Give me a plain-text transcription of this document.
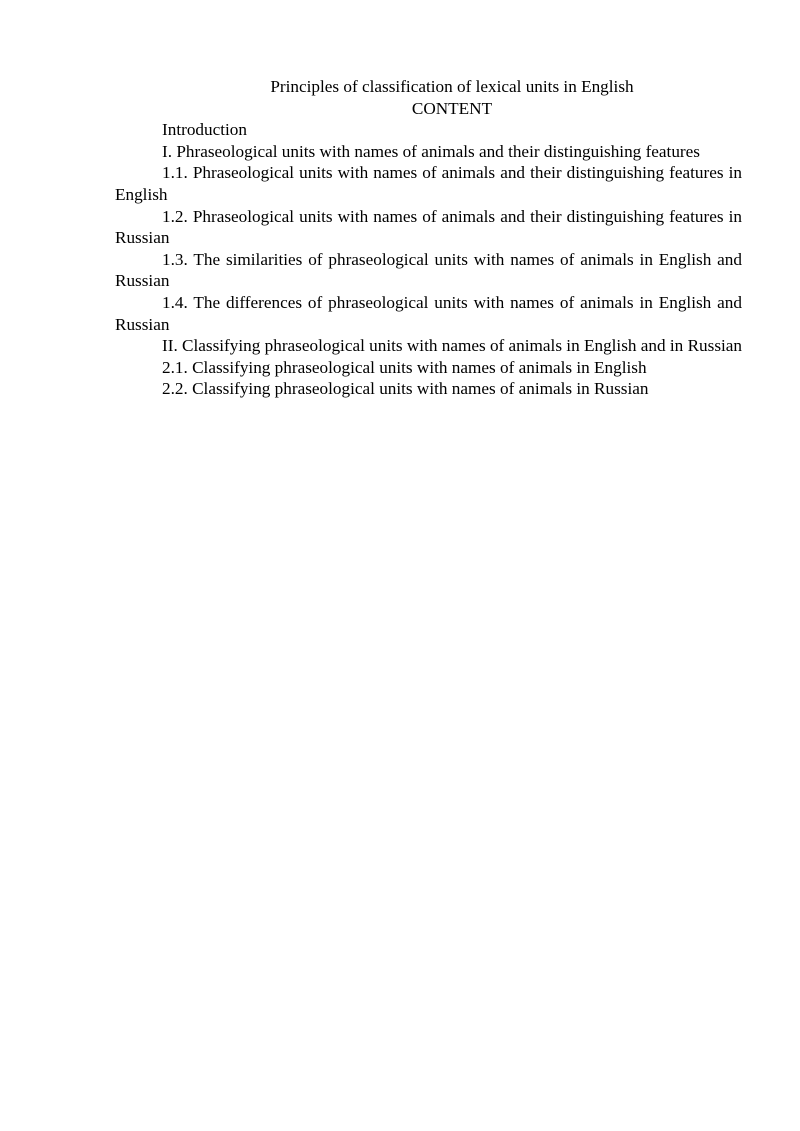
Principles of classification of lexical units in English

CONTENT

Introduction
I. Phraseological units with names of animals and their distinguishing features
1.1. Phraseological units with names of animals and their distinguishing features in English
1.2. Phraseological units with names of animals and their distinguishing features in Russian
1.3. The similarities of phraseological units with names of animals in English and Russian
1.4. The differences of phraseological units with names of animals in English and Russian
II. Classifying phraseological units with names of animals in English and in Russian
2.1. Classifying phraseological units with names of animals in English
2.2. Classifying phraseological units with names of animals in Russian
